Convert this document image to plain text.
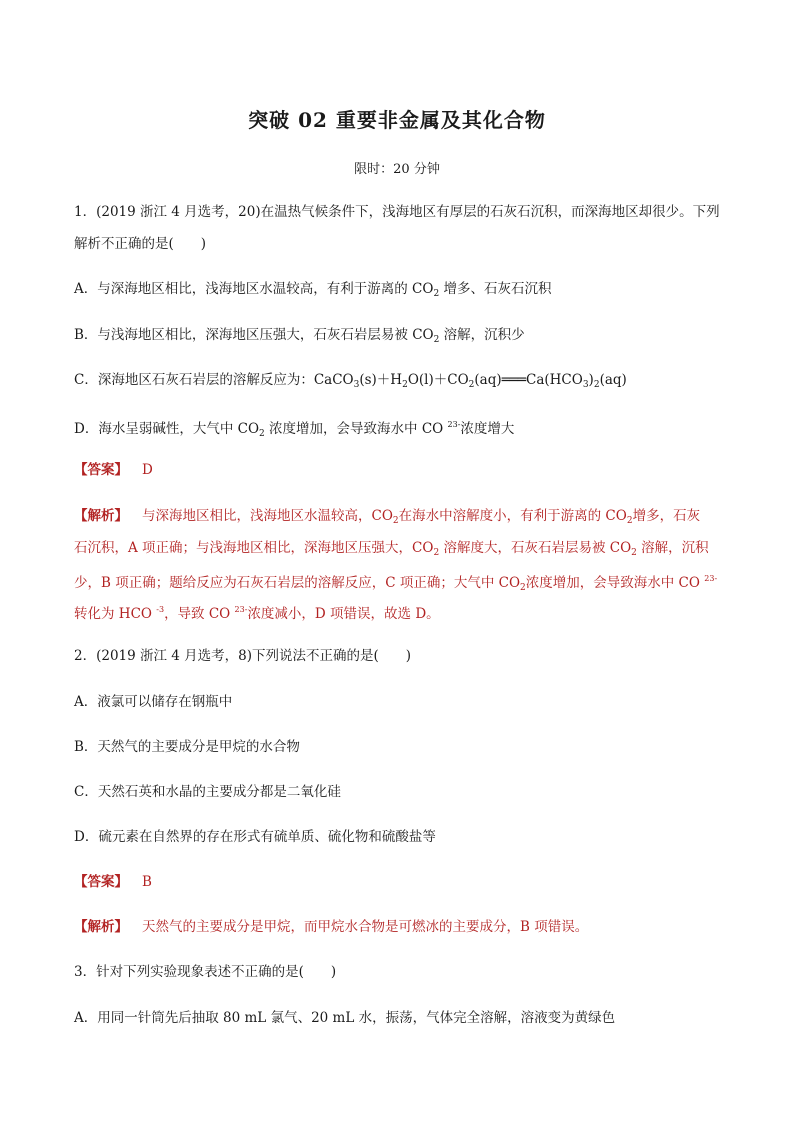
突破 02 重要非金属及其化合物
限时：20 分钟
1．(2019 浙江 4 月选考，20)在温热气候条件下，浅海地区有厚层的石灰石沉积，而深海地区却很少。下列
解析不正确的是(　　)
A．与深海地区相比，浅海地区水温较高，有利于游离的 $CO_2$ 增多、石灰石沉积
B．与浅海地区相比，深海地区压强大，石灰石岩层易被 $CO_2$ 溶解，沉积少
C．深海地区石灰石岩层的溶解反应为：$CaCO_3(s)+H_2O(l)+CO_2(aq)═══Ca(HCO_3)_2(aq)$
D．海水呈弱碱性，大气中 $CO_2$ 浓度增加，会导致海水中 CO $^{23-}$浓度增大
【答案】 D
【解析】 与深海地区相比，浅海地区水温较高，$CO_2$在海水中溶解度小，有利于游离的 $CO_2$增多，石灰
石沉积，A 项正确；与浅海地区相比，深海地区压强大，$CO_2$ 溶解度大，石灰石岩层易被 $CO_2$ 溶解，沉积
少，B 项正确；题给反应为石灰石岩层的溶解反应，C 项正确；大气中 $CO_2$浓度增加，会导致海水中 CO $^{23-}$
转化为 HCO $^{-3}$，导致 CO $^{23-}$浓度减小，D 项错误，故选 D。
2．(2019 浙江 4 月选考，8)下列说法不正确的是(　　)
A．液氯可以储存在钢瓶中
B．天然气的主要成分是甲烷的水合物
C．天然石英和水晶的主要成分都是二氧化硅
D．硫元素在自然界的存在形式有硫单质、硫化物和硫酸盐等
【答案】 B
【解析】 天然气的主要成分是甲烷，而甲烷水合物是可燃冰的主要成分，B 项错误。
3．针对下列实验现象表述不正确的是(　　)
A．用同一针筒先后抽取 80 mL 氯气、20 mL 水，振荡，气体完全溶解，溶液变为黄绿色
